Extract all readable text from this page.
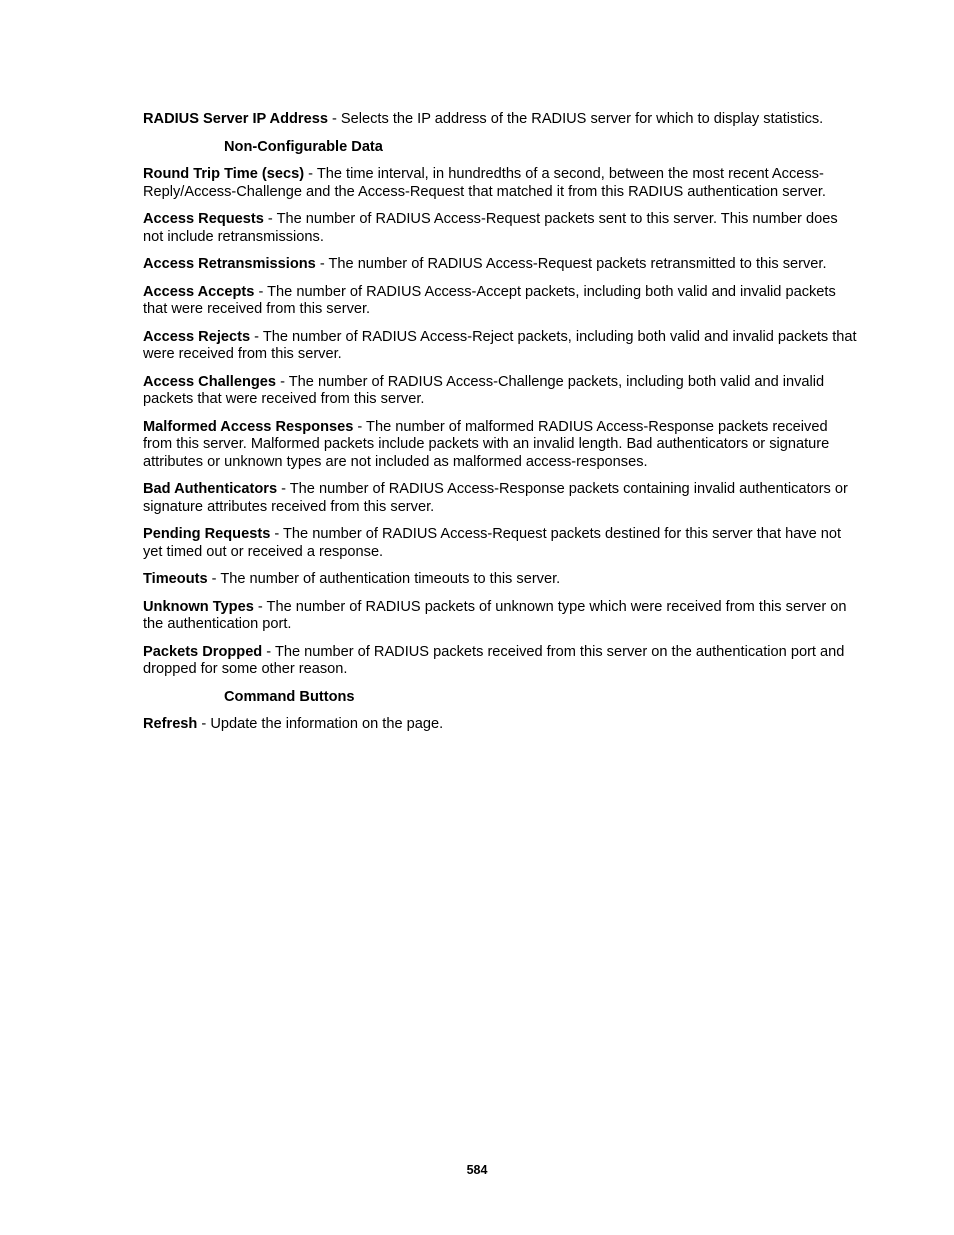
RADIUS Server IP Address - Selects the IP address of the RADIUS server for which to display statistics.
Non-Configurable Data
Round Trip Time (secs) - The time interval, in hundredths of a second, between the most recent Access-Reply/Access-Challenge and the Access-Request that matched it from this RADIUS authentication server.
Access Requests - The number of RADIUS Access-Request packets sent to this server. This number does not include retransmissions.
Access Retransmissions - The number of RADIUS Access-Request packets retransmitted to this server.
Access Accepts - The number of RADIUS Access-Accept packets, including both valid and invalid packets that were received from this server.
Access Rejects - The number of RADIUS Access-Reject packets, including both valid and invalid packets that were received from this server.
Access Challenges - The number of RADIUS Access-Challenge packets, including both valid and invalid packets that were received from this server.
Malformed Access Responses - The number of malformed RADIUS Access-Response packets received from this server. Malformed packets include packets with an invalid length. Bad authenticators or signature attributes or unknown types are not included as malformed access-responses.
Bad Authenticators - The number of RADIUS Access-Response packets containing invalid authenticators or signature attributes received from this server.
Pending Requests - The number of RADIUS Access-Request packets destined for this server that have not yet timed out or received a response.
Timeouts - The number of authentication timeouts to this server.
Unknown Types - The number of RADIUS packets of unknown type which were received from this server on the authentication port.
Packets Dropped - The number of RADIUS packets received from this server on the authentication port and dropped for some other reason.
Command Buttons
Refresh - Update the information on the page.
584
